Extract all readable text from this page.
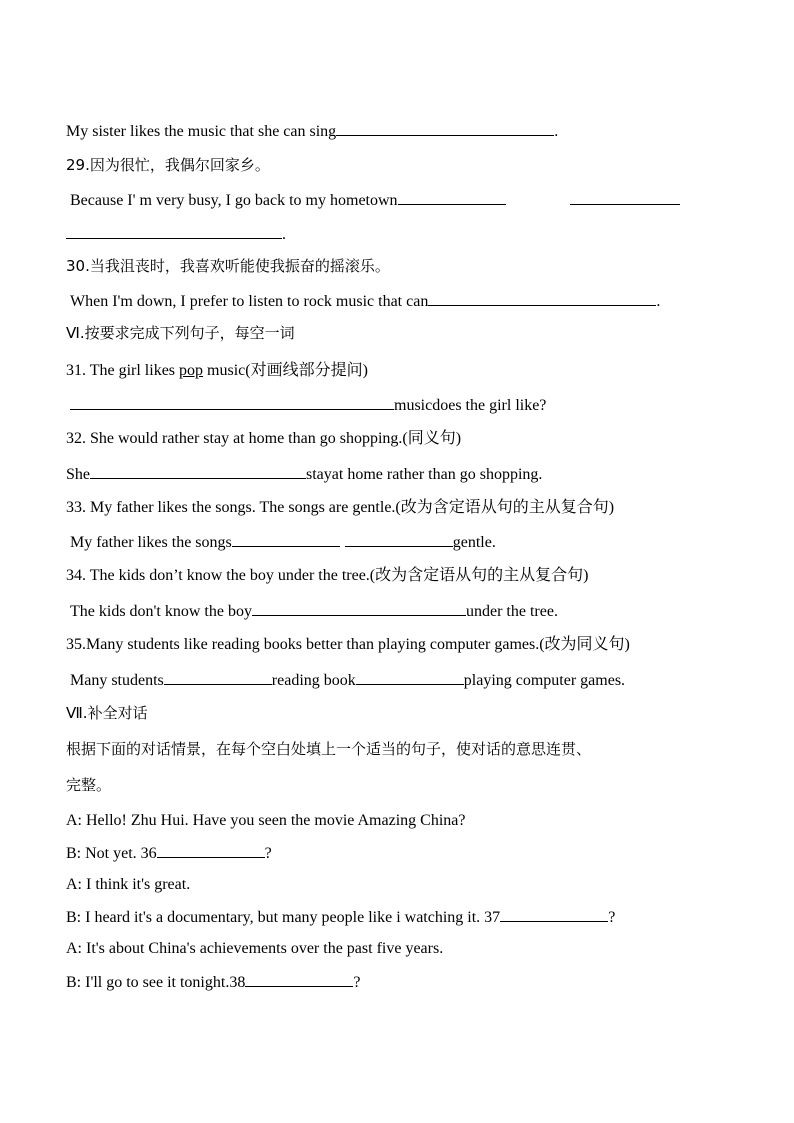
My sister likes the music that she can sing	.
29.因为很忙，我偶尔回家乡。
Because I' m very busy, I go back to my hometown
.
30.当我沮丧时，我喜欢听能使我振奋的摇滚乐。
When I'm down, I prefer to listen to rock music that can	.
Ⅵ.按要求完成下列句子，每空一词
31. The girl likes pop music(对画线部分提问)
musicdoes the girl like?
32. She would rather stay at home than go shopping.(同义句)
She	stayat home rather than go shopping.
33. My father likes the songs. The songs are gentle.(改为含定语从句的主从复合句)
My father likes the songs	gentle.
34. The kids don’t know the boy under the tree.(改为含定语从句的主从复合句)
The kids don't know the boy	under the tree.
35.Many students like reading books better than playing computer games.(改为同义句)
Many students	reading book	playing computer games.
Ⅶ.补全对话
根据下面的对话情景，在每个空白处填上一个适当的句子，使对话的意思连贯、
完整。
A: Hello! Zhu Hui. Have you seen the movie Amazing China?
B: Not yet. 36	?
A: I think it's great.
B: I heard it's a documentary, but many people like i watching it. 37	?
A: It's about China's achievements over the past five years.
B: I'll go to see it tonight.38	?
